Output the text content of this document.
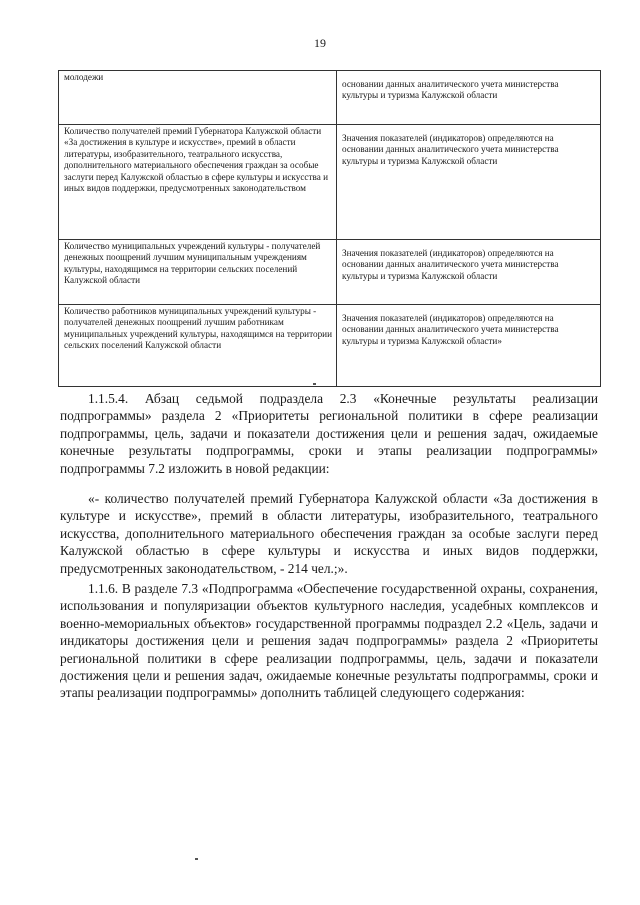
19
молодежи	основании данных аналитического учета министерства культуры и туризма Калужской области
Количество получателей премий Губернатора Калужской области «За достижения в культуре и искусстве», премий в области литературы, изобразительного, театрального искусства, дополнительного материального обеспечения граждан за особые заслуги перед Калужской областью в сфере культуры и искусства и иных видов поддержки, предусмотренных законодательством	Значения показателей (индикаторов) определяются на основании данных аналитического учета министерства культуры и туризма Калужской области
Количество муниципальных учреждений культуры - получателей денежных поощрений лучшим муниципальным учреждениям культуры, находящимся на территории сельских поселений Калужской области	Значения показателей (индикаторов) определяются на основании данных аналитического учета министерства культуры и туризма Калужской области
Количество работников муниципальных учреждений культуры - получателей денежных поощрений лучшим работникам муниципальных учреждений культуры, находящимся на территории сельских поселений Калужской области	Значения показателей (индикаторов) определяются на основании данных аналитического учета министерства культуры и туризма Калужской области»

1.1.5.4. Абзац седьмой подраздела 2.3 «Конечные результаты реализации подпрограммы» раздела 2 «Приоритеты региональной политики в сфере реализации подпрограммы, цель, задачи и показатели достижения цели и решения задач, ожидаемые конечные результаты подпрограммы, сроки и этапы реализации подпрограммы» подпрограммы 7.2 изложить в новой редакции:

«- количество получателей премий Губернатора Калужской области «За достижения в культуре и искусстве», премий в области литературы, изобразительного, театрального искусства, дополнительного материального обеспечения граждан за особые заслуги перед Калужской областью в сфере культуры и искусства и иных видов поддержки, предусмотренных законодательством, - 214 чел.;».

1.1.6. В разделе 7.3 «Подпрограмма «Обеспечение государственной охраны, сохранения, использования и популяризации объектов культурного наследия, усадебных комплексов и военно-мемориальных объектов» государственной программы подраздел 2.2 «Цель, задачи и индикаторы достижения цели и решения задач подпрограммы» раздела 2 «Приоритеты региональной политики в сфере реализации подпрограммы, цель, задачи и показатели достижения цели и решения задач, ожидаемые конечные результаты подпрограммы, сроки и этапы реализации подпрограммы» дополнить таблицей следующего содержания:
